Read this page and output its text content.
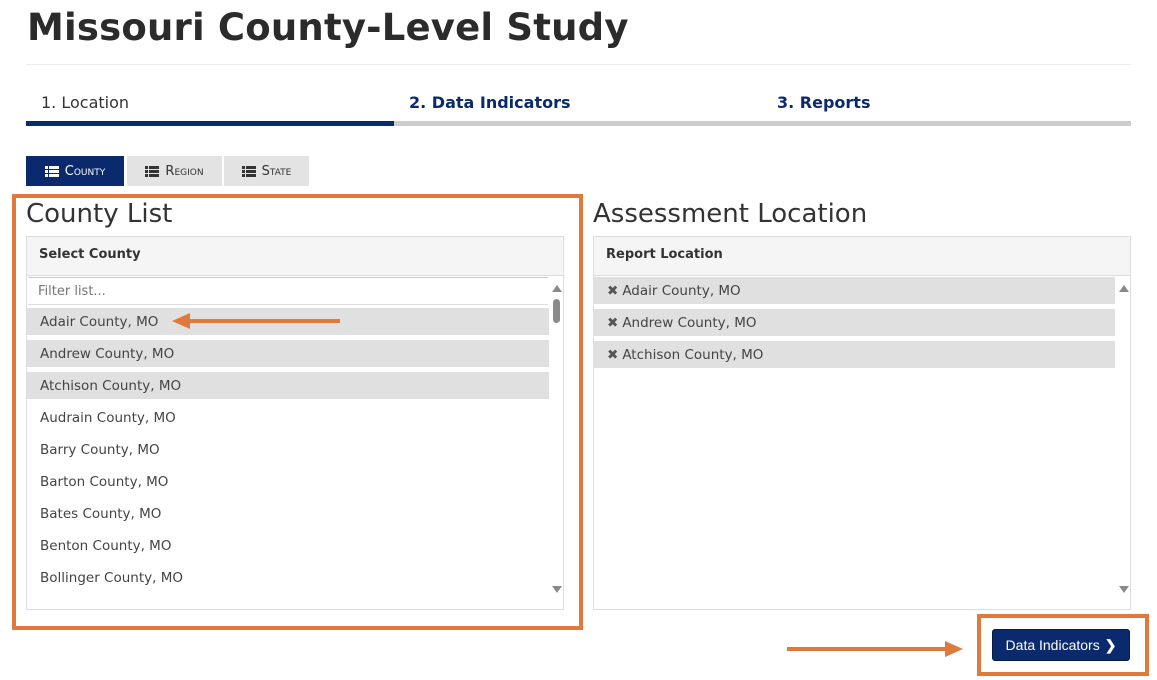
Missouri County-Level Study
1. Location	2. Data Indicators	3. Reports
County	Region	State
County List
Select County
Filter list...
Adair County, MO
Andrew County, MO
Atchison County, MO
Audrain County, MO
Barry County, MO
Barton County, MO
Bates County, MO
Benton County, MO
Bollinger County, MO
Assessment Location
Report Location
✖ Adair County, MO
✖ Andrew County, MO
✖ Atchison County, MO
Data Indicators ❯
